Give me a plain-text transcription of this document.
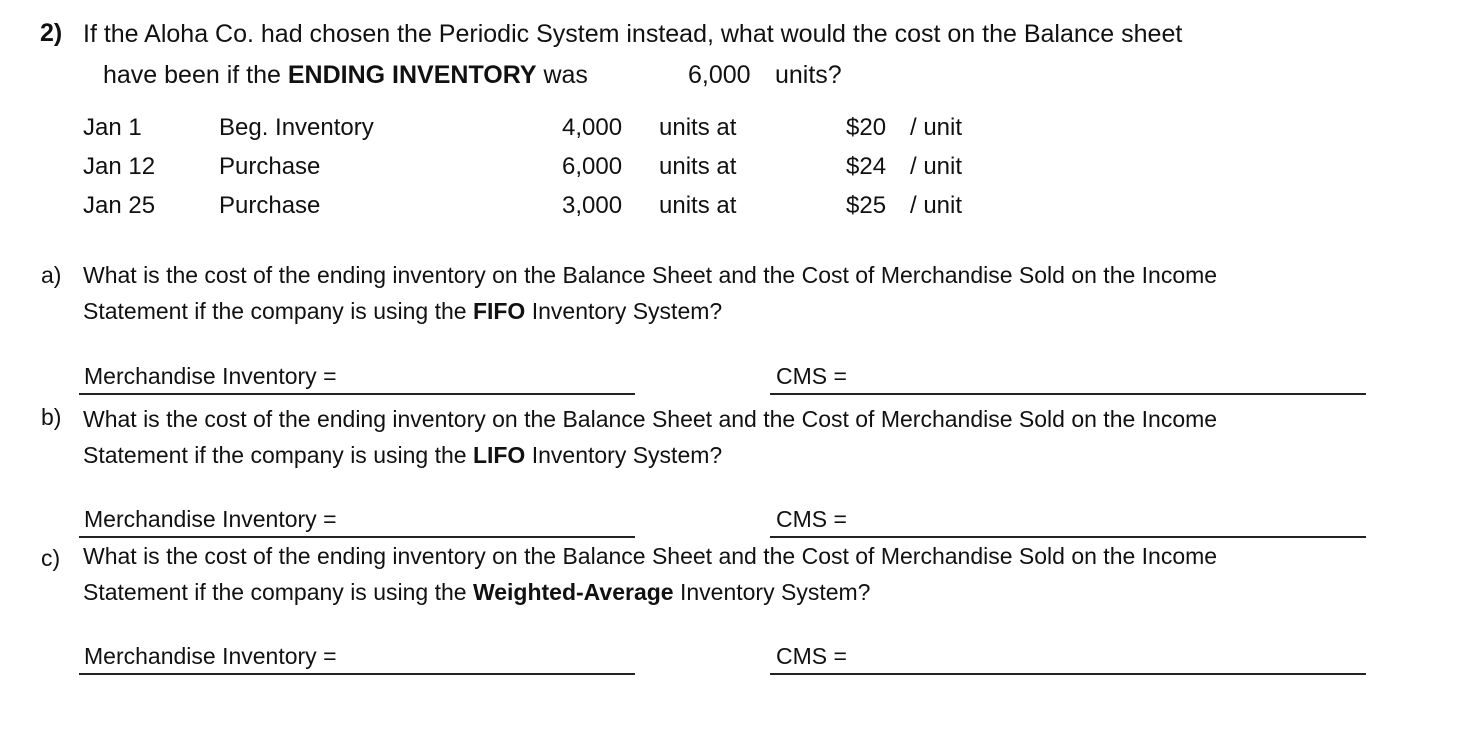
2) If the Aloha Co. had chosen the Periodic System instead, what would the cost on the Balance sheet
have been if the ENDING INVENTORY was	6,000 units?
Jan 1	Beg. Inventory	4,000 units at	$20 / unit
Jan 12	Purchase	6,000 units at	$24 / unit
Jan 25	Purchase	3,000 units at	$25 / unit
a) What is the cost of the ending inventory on the Balance Sheet and the Cost of Merchandise Sold on the Income
Statement if the company is using the FIFO Inventory System?
Merchandise Inventory =	CMS =
b) What is the cost of the ending inventory on the Balance Sheet and the Cost of Merchandise Sold on the Income
Statement if the company is using the LIFO Inventory System?
Merchandise Inventory =	CMS =
c) What is the cost of the ending inventory on the Balance Sheet and the Cost of Merchandise Sold on the Income
Statement if the company is using the Weighted-Average Inventory System?
Merchandise Inventory =	CMS =
